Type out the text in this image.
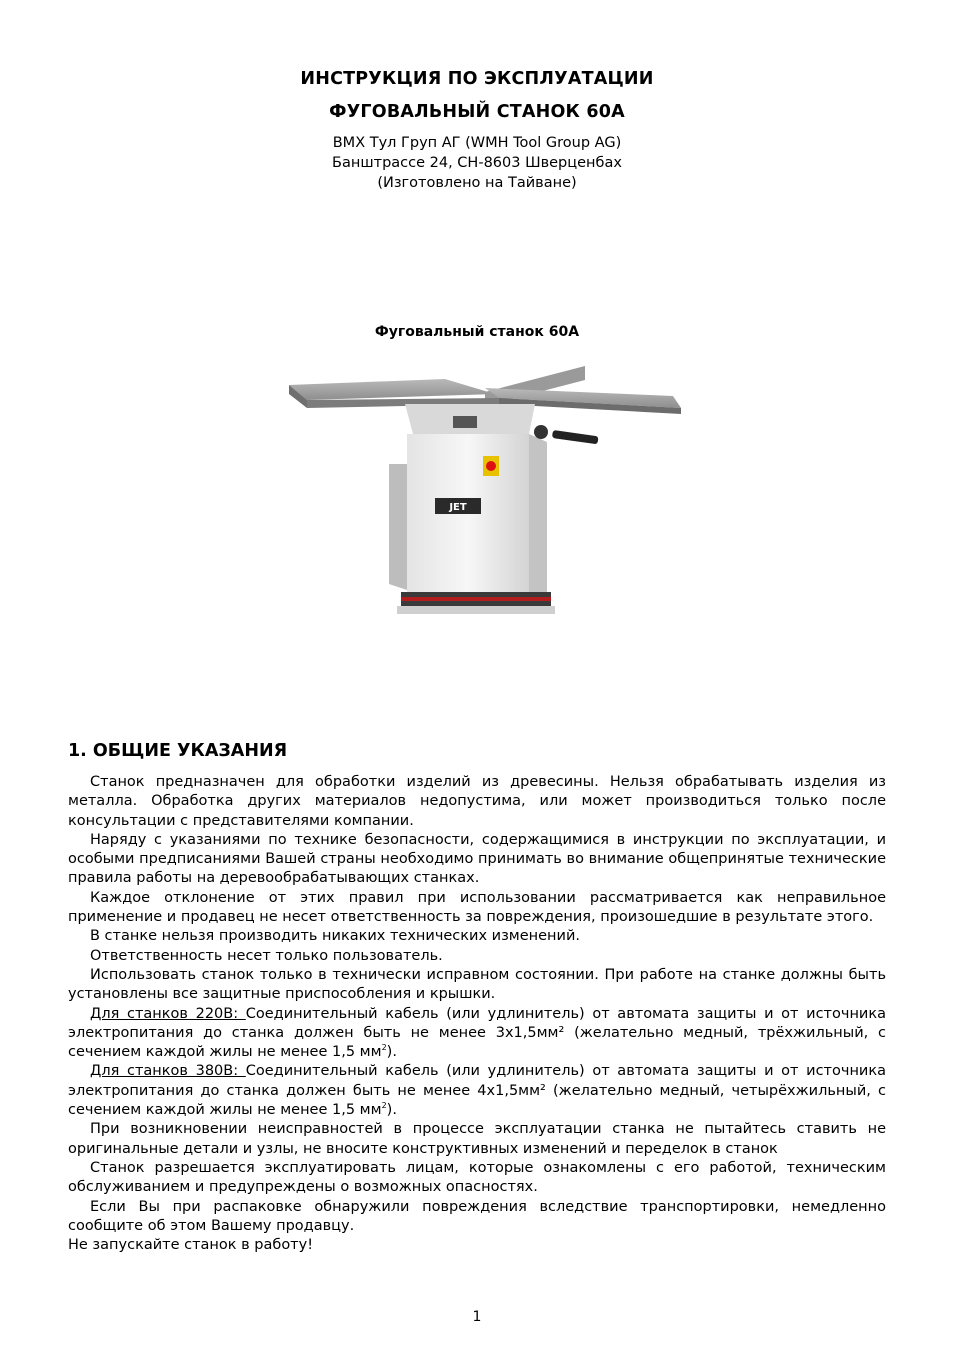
ИНСТРУКЦИЯ ПО ЭКСПЛУАТАЦИИ
ФУГОВАЛЬНЫЙ СТАНОК 60А
ВМХ Тул Груп АГ (WMH Tool Group AG)
Банштрассе 24, CH-8603 Шверценбах
(Изготовлено на Тайване)
Фуговальный станок 60А
JET
1. ОБЩИЕ УКАЗАНИЯ

Станок предназначен для обработки изделий из древесины. Нельзя обрабатывать изделия из металла. Обработка других материалов недопустима, или может производиться только после консультации с представителями компании.

Наряду с указаниями по технике безопасности, содержащимися в инструкции по эксплуатации, и особыми предписаниями Вашей страны необходимо принимать во внимание общепринятые технические правила работы на деревообрабатывающих станках.

Каждое отклонение от этих правил при использовании рассматривается как неправильное применение и продавец не несет ответственность за повреждения, произошедшие в результате этого.

В станке нельзя производить никаких технических изменений.

Ответственность несет только пользователь.

Использовать станок только в технически исправном состоянии. При работе на станке должны быть установлены все защитные приспособления и крышки.

Для станков 220В: Соединительный кабель (или удлинитель) от автомата защиты и от источника электропитания до станка должен быть не менее 3х1,5мм² (желательно медный, трёхжильный, с сечением каждой жилы не менее 1,5 $мм^2$).

Для станков 380В: Соединительный кабель (или удлинитель) от автомата защиты и от источника электропитания до станка должен быть не менее 4х1,5мм² (желательно медный, четырёхжильный, с сечением каждой жилы не менее 1,5 $мм^2$).

При возникновении неисправностей в процессе эксплуатации станка не пытайтесь ставить не оригинальные детали и узлы, не вносите конструктивных изменений и переделок в станок

Станок разрешается эксплуатировать лицам, которые ознакомлены с его работой, техническим обслуживанием и предупреждены о возможных опасностях.

Если Вы при распаковке обнаружили повреждения вследствие транспортировки, немедленно сообщите об этом Вашему продавцу.

Не запускайте станок в работу!

1
